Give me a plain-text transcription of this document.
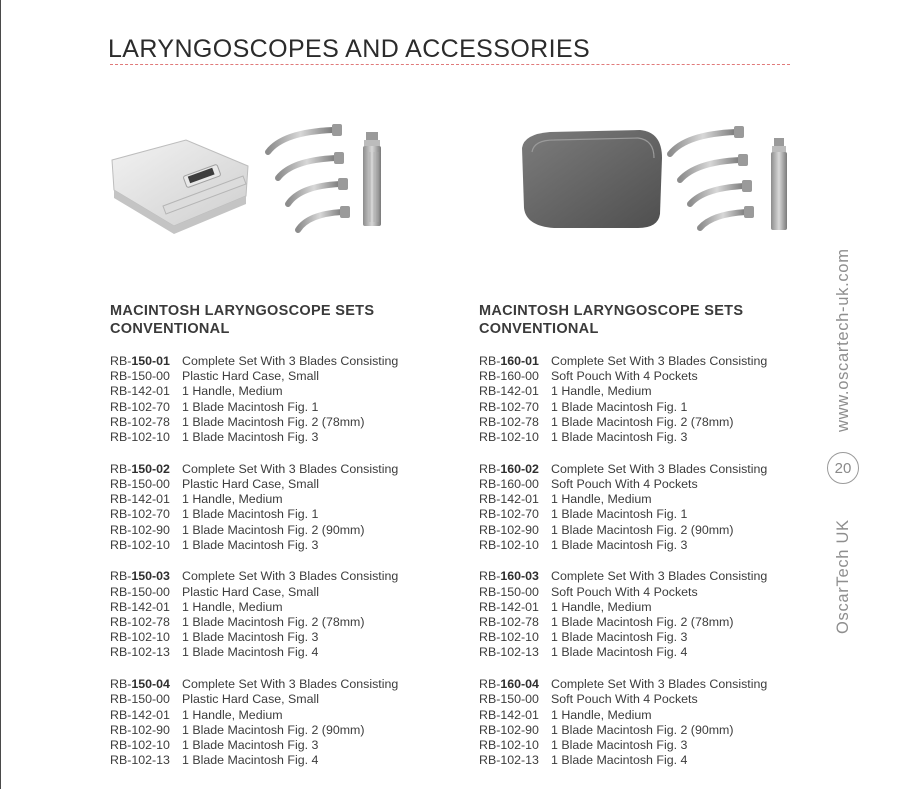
LARYNGOSCOPES AND ACCESSORIES
MACINTOSH LARYNGOSCOPE SETS
CONVENTIONAL
RB-150-01 Complete Set With 3 Blades Consisting
RB-150-00 Plastic Hard Case, Small
RB-142-01 1 Handle, Medium
RB-102-70 1 Blade Macintosh Fig. 1
RB-102-78 1 Blade Macintosh Fig. 2 (78mm)
RB-102-10 1 Blade Macintosh Fig. 3
RB-150-02 Complete Set With 3 Blades Consisting
RB-150-00 Plastic Hard Case, Small
RB-142-01 1 Handle, Medium
RB-102-70 1 Blade Macintosh Fig. 1
RB-102-90 1 Blade Macintosh Fig. 2 (90mm)
RB-102-10 1 Blade Macintosh Fig. 3
RB-150-03 Complete Set With 3 Blades Consisting
RB-150-00 Plastic Hard Case, Small
RB-142-01 1 Handle, Medium
RB-102-78 1 Blade Macintosh Fig. 2 (78mm)
RB-102-10 1 Blade Macintosh Fig. 3
RB-102-13 1 Blade Macintosh Fig. 4
RB-150-04 Complete Set With 3 Blades Consisting
RB-150-00 Plastic Hard Case, Small
RB-142-01 1 Handle, Medium
RB-102-90 1 Blade Macintosh Fig. 2 (90mm)
RB-102-10 1 Blade Macintosh Fig. 3
RB-102-13 1 Blade Macintosh Fig. 4
MACINTOSH LARYNGOSCOPE SETS
CONVENTIONAL
RB-160-01 Complete Set With 3 Blades Consisting
RB-160-00 Soft Pouch With 4 Pockets
RB-142-01 1 Handle, Medium
RB-102-70 1 Blade Macintosh Fig. 1
RB-102-78 1 Blade Macintosh Fig. 2 (78mm)
RB-102-10 1 Blade Macintosh Fig. 3
RB-160-02 Complete Set With 3 Blades Consisting
RB-160-00 Soft Pouch With 4 Pockets
RB-142-01 1 Handle, Medium
RB-102-70 1 Blade Macintosh Fig. 1
RB-102-90 1 Blade Macintosh Fig. 2 (90mm)
RB-102-10 1 Blade Macintosh Fig. 3
RB-160-03 Complete Set With 3 Blades Consisting
RB-150-00 Soft Pouch With 4 Pockets
RB-142-01 1 Handle, Medium
RB-102-78 1 Blade Macintosh Fig. 2 (78mm)
RB-102-10 1 Blade Macintosh Fig. 3
RB-102-13 1 Blade Macintosh Fig. 4
RB-160-04 Complete Set With 3 Blades Consisting
RB-150-00 Soft Pouch With 4 Pockets
RB-142-01 1 Handle, Medium
RB-102-90 1 Blade Macintosh Fig. 2 (90mm)
RB-102-10 1 Blade Macintosh Fig. 3
RB-102-13 1 Blade Macintosh Fig. 4
www.oscartech-uk.com
20
OscarTech UK
